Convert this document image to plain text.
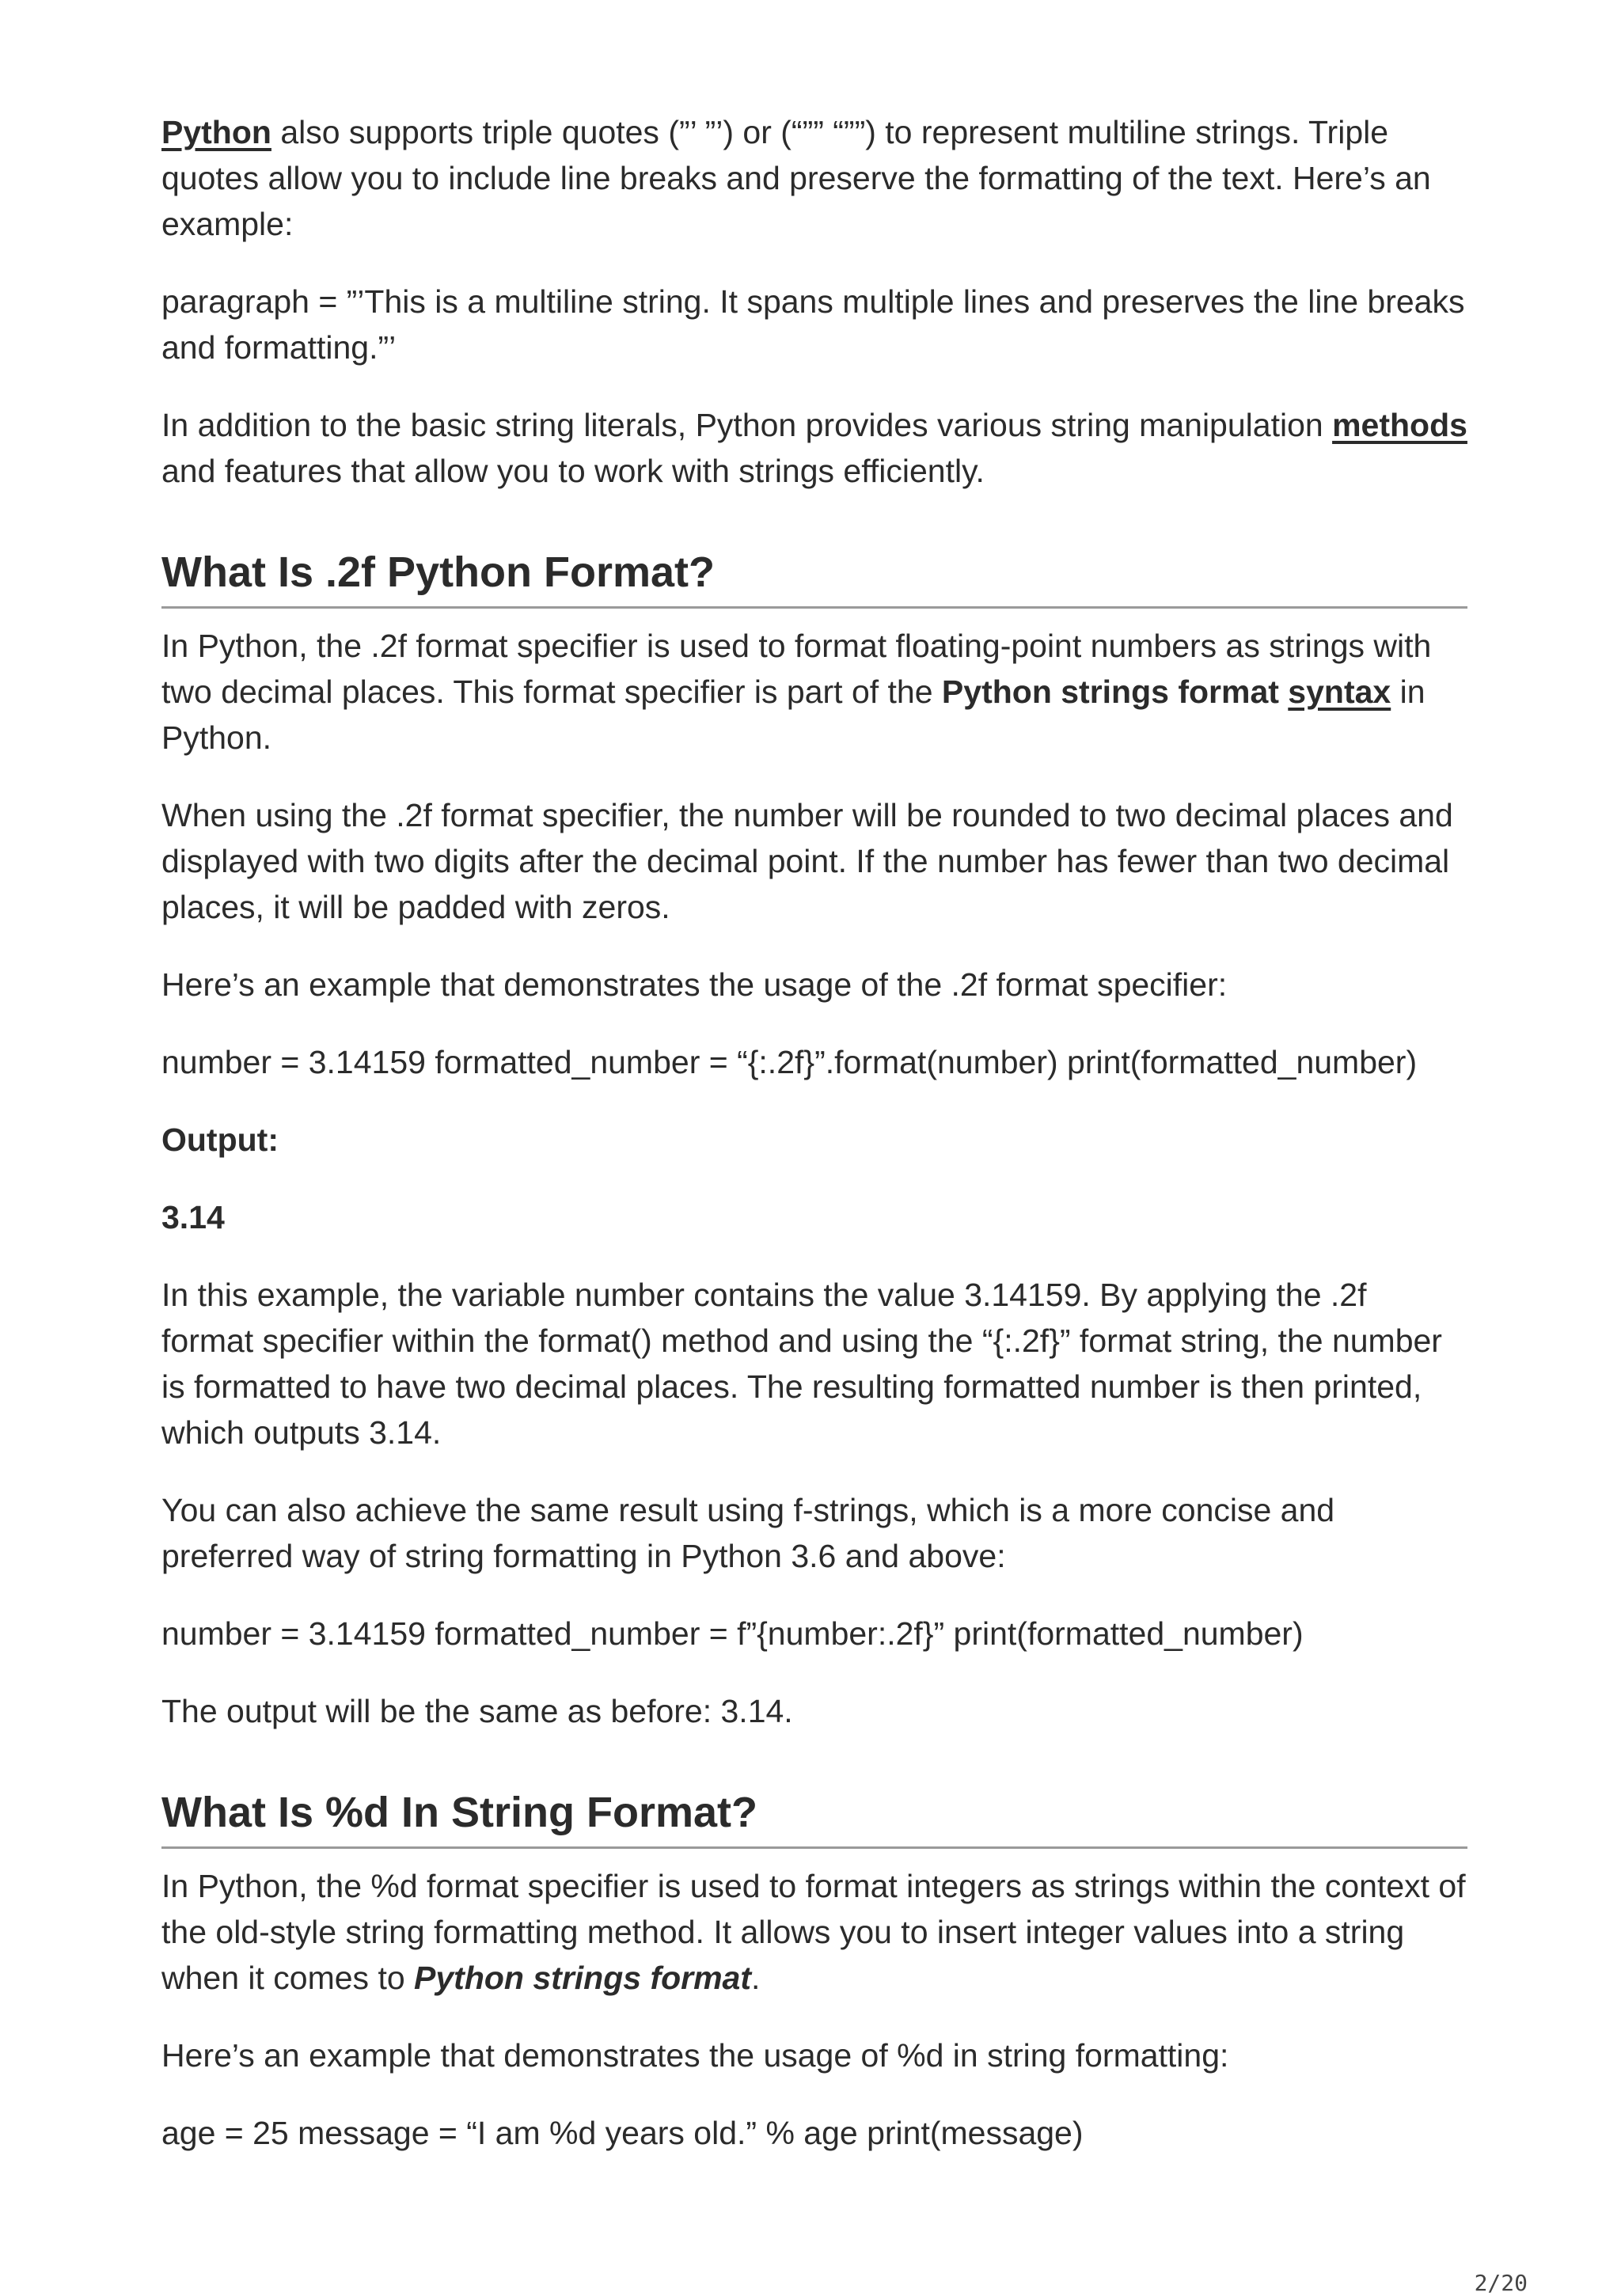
Python also supports triple quotes (”’ ”’) or (“”” “””) to represent multiline strings. Triple quotes allow you to include line breaks and preserve the formatting of the text. Here’s an example:

paragraph = ”’This is a multiline string. It spans multiple lines and preserves the line breaks and formatting.”’

In addition to the basic string literals, Python provides various string manipulation methods and features that allow you to work with strings efficiently.

What Is .2f Python Format?

In Python, the .2f format specifier is used to format floating-point numbers as strings with two decimal places. This format specifier is part of the Python strings format syntax in Python.

When using the .2f format specifier, the number will be rounded to two decimal places and displayed with two digits after the decimal point. If the number has fewer than two decimal places, it will be padded with zeros.

Here’s an example that demonstrates the usage of the .2f format specifier:

number = 3.14159 formatted_number = “{:.2f}”.format(number) print(formatted_number)

Output:

3.14

In this example, the variable number contains the value 3.14159. By applying the .2f format specifier within the format() method and using the “{:.2f}” format string, the number is formatted to have two decimal places. The resulting formatted number is then printed, which outputs 3.14.

You can also achieve the same result using f-strings, which is a more concise and preferred way of string formatting in Python 3.6 and above:

number = 3.14159 formatted_number = f”{number:.2f}” print(formatted_number)

The output will be the same as before: 3.14.

What Is %d In String Format?

In Python, the %d format specifier is used to format integers as strings within the context of the old-style string formatting method. It allows you to insert integer values into a string when it comes to Python strings format.

Here’s an example that demonstrates the usage of %d in string formatting:

age = 25 message = “I am %d years old.” % age print(message)

2/20
